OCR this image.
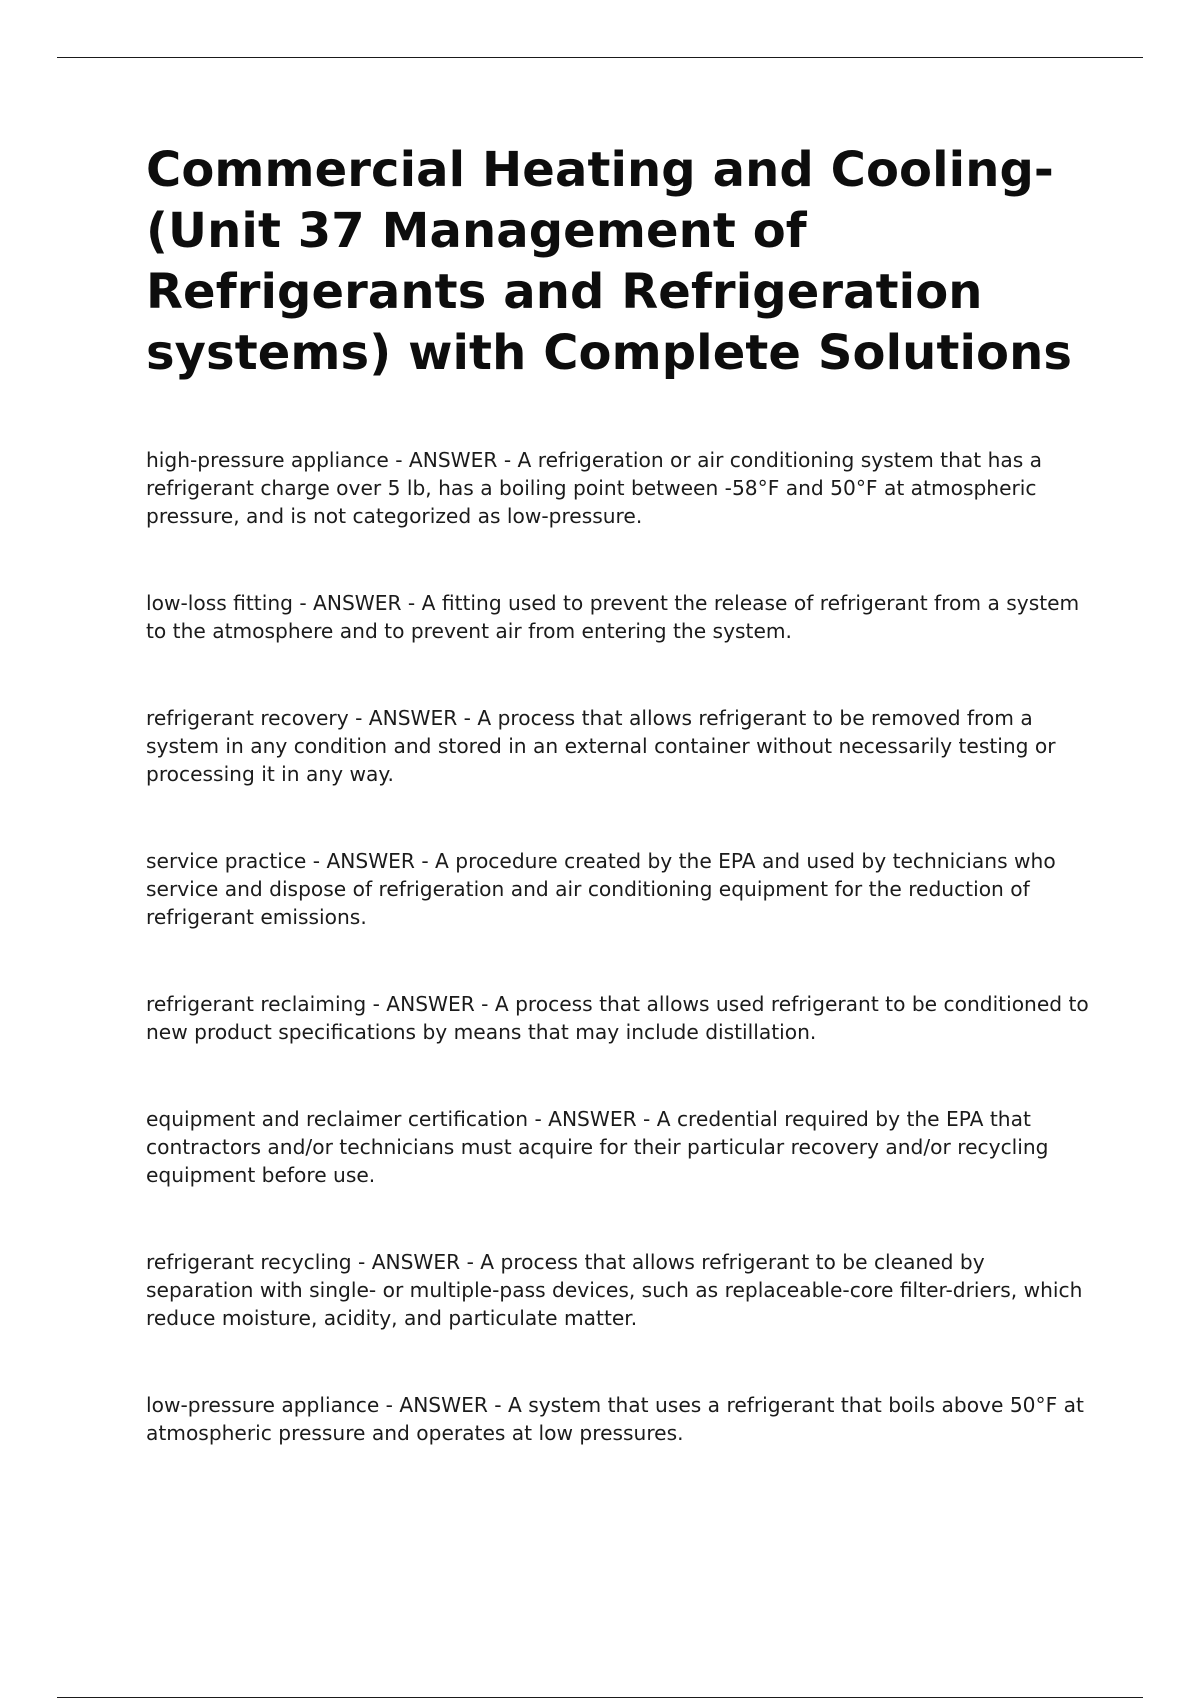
Commercial Heating and Cooling- (Unit 37 Management of Refrigerants and Refrigeration systems) with Complete Solutions

high-pressure appliance - ANSWER - A refrigeration or air conditioning system that has a refrigerant charge over 5 lb, has a boiling point between -58°F and 50°F at atmospheric pressure, and is not categorized as low-pressure.

low-loss fitting - ANSWER - A fitting used to prevent the release of refrigerant from a system to the atmosphere and to prevent air from entering the system.

refrigerant recovery - ANSWER - A process that allows refrigerant to be removed from a system in any condition and stored in an external container without necessarily testing or processing it in any way.

service practice - ANSWER - A procedure created by the EPA and used by technicians who service and dispose of refrigeration and air conditioning equipment for the reduction of refrigerant emissions.

refrigerant reclaiming - ANSWER - A process that allows used refrigerant to be conditioned to new product specifications by means that may include distillation.

equipment and reclaimer certification - ANSWER - A credential required by the EPA that contractors and/or technicians must acquire for their particular recovery and/or recycling equipment before use.

refrigerant recycling - ANSWER - A process that allows refrigerant to be cleaned by separation with single- or multiple-pass devices, such as replaceable-core filter-driers, which reduce moisture, acidity, and particulate matter.

low-pressure appliance - ANSWER - A system that uses a refrigerant that boils above 50°F at atmospheric pressure and operates at low pressures.
